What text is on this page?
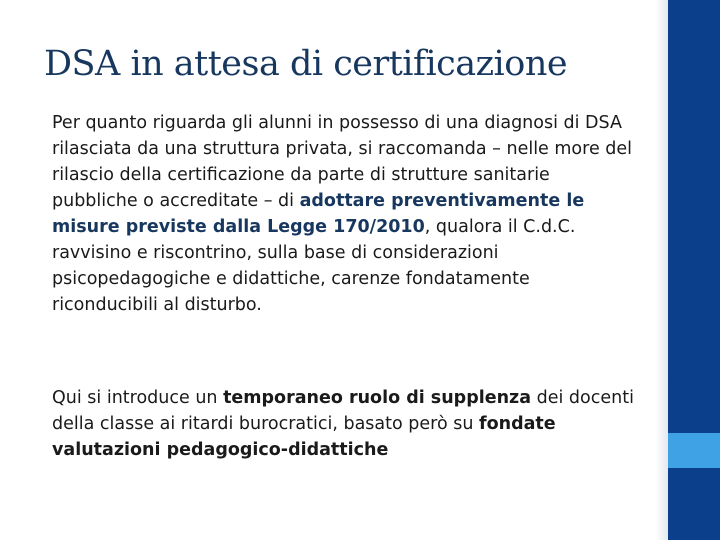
DSA in attesa di certificazione
Per quanto riguarda gli alunni in possesso di una diagnosi di DSA rilasciata da una struttura privata, si raccomanda – nelle more del rilascio della certificazione da parte di strutture sanitarie pubbliche o accreditate – di adottare preventivamente le misure previste dalla Legge 170/2010, qualora il C.d.C. ravvisino e riscontrino, sulla base di considerazioni psicopedagogiche e didattiche, carenze fondatamente riconducibili al disturbo.
Qui si introduce un temporaneo ruolo di supplenza dei docenti della classe ai ritardi burocratici, basato però su fondate valutazioni pedagogico-didattiche
